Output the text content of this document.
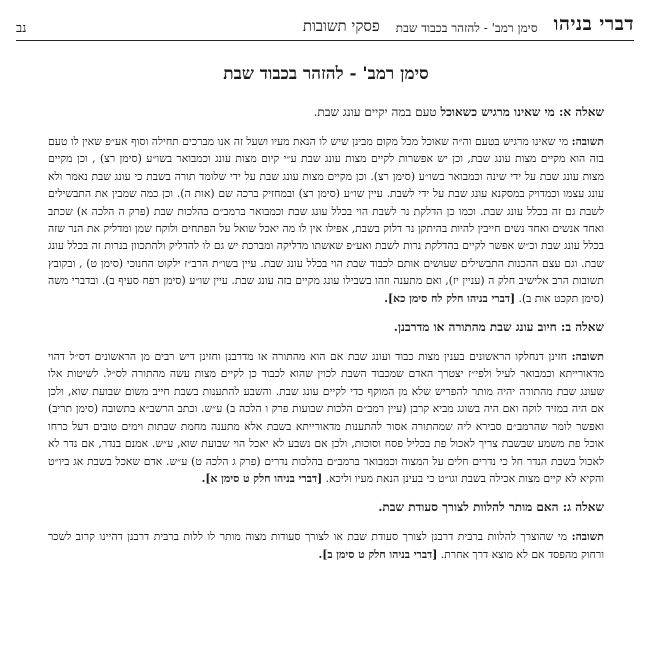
דברי בניהו
סימן רמב' - להזהר בכבוד שבת
פסקי תשובות
נב
סימן רמב' - להזהר בכבוד שבת

שאלה א: מי שאינו מרגיש כשאוכל טעם במה יקיים עונג שבת.

תשובה: מי שאינו מרגיש בטעם וה״ה שאוכל מכל מקום מבינן שיש לו הנאת מעיו ושעל זה אנו מברכים תחילה וסוף אע״פ שאין לו טעם בזה הוא מקיים מצות עונג שבת, וכן יש אפשרות לקיים מצות עונג שבת ע״י קיום מצות עונג וכמבואר בשו״ע (סימן רצ) , וכן מקיים מצות עונג שבת על ידי שינה וכמבואר בשו״ע (סימן רצ). וכן מקיים מצות עונג שבת על ידי שלומד תורה בשבת כי עונג שבת נאמר ולא עונג עצמו וכמדויק במסקנא עונג שבת על ידי לשבת. עיין שו״ע (סימן רצ) ובמחזיק ברכה שם (אות ה). וכן כמה שמבין את התבשילים לשבת גם זה בכלל עונג שבת. וכמו כן הדלקת נר לשבת הוי בכלל עונג שבת וכמבואר ברמב״ם בהלכות שבת (פרק ה הלכה א) שכתב ואחד אנשים ואחד נשים חייבין להיות בהיתקן נר דלוק בשבת, אפילו אין לו מה יאכל שואל על הפתחים ולוקח שמן ומדליק את הנר שזה בכלל עונג שבת וכ״ש אפשר לקיים בהדלקת נרות לשבת ואע״פ שאשתו מדליקה ומברכת יש גם לו להדליק ולהתכוון בנרות זה בכלל עונג שבת. וגם עצם ההכנות התבשילים שעושים אותם לכבוד שבת הוי בכלל עונג שבת. עיין בשו״ת הרב״ז ילקוט החנוכי (סימן ט) , ובקובץ תשובות הרב אלישיב חלק ה (עניין יז), ואם מתענה וזהו בשבילו עונג מקיים בזה עונג שבת. עיין שו״ע (סימן רפח סעיף ב). ובדברי משה (סימן תקכט אות ב). [דברי בניהו חלק לח סימן כא].

שאלה ב: חיוב עונג שבת מהתורה או מדרבנן.

תשובה: חזינן דנחלקו הראשונים בענין מצות כבוד ועונג שבת אם הוא מהתורה או מדרבנן וחזינן דיש רבים מן הראשונים דס״ל דהוי מדאורייתא וכמבואר לעיל ולפי״ז יצטרך האדם שמכבוד השבת לכוין שהוא לכבוד כן לקיים מצות עשה מהתורה לס״ל. לשיטות אלו שעונג שבת מהתורה יהיה מותר להפריש שלא מן המוקף כדי לקיים עונג שבת. והשבע להתענות בשבת חייב משום שבועת שוא, ולכן אם היה במזיד לוקה ואם היה בשוגג מביא קרבן (עיין רמב״ם הלכות שבועות פרק ו הלכה ב) ע״ש. וכתב הרשב״א בתשובה (סימן תריב) ואפשר לומר שהרמב״ם סבירא ליה שמהתורה אסור להתענות מדאורייתא בשבת אלא מתענה מחמת שבתות וימים טובים דעל כרחו אוכל פת משמע שבשבת צריך לאכול פת בכליל פסח וסוכות, ולכן אם נשבע לא יאכל הוי שבועת שוא, ע״ש. אמנם בנדר, אם נדר לא לאכול בשבת הנדר חל כי נדרים חלים על המצוה וכמבואר ברמב״ם בהלכות נדרים (פרק ג הלכה ט) ע״ש. אדם שאכל בשבת אג ביו״ט והקיא לא קיים מצות אכילה בשבת וגו״ט כי בעינן הנאת מעיו וליכא. [דברי בניהו חלק ט סימן א].

שאלה ג: האם מותר להלוות לצורך סעודת שבת.

תשובה: מי שהוצרך להלוות ברבית דרבנן לצורך סעודת שבת או לצורך סעודות מצוה מותר לו ללות ברבית דרבנן דהיינו קרוב לשכר ורחוק מהפסד אם לא מוצא דרך אחרת. [דברי בניהו חלק ט סימן ב].
